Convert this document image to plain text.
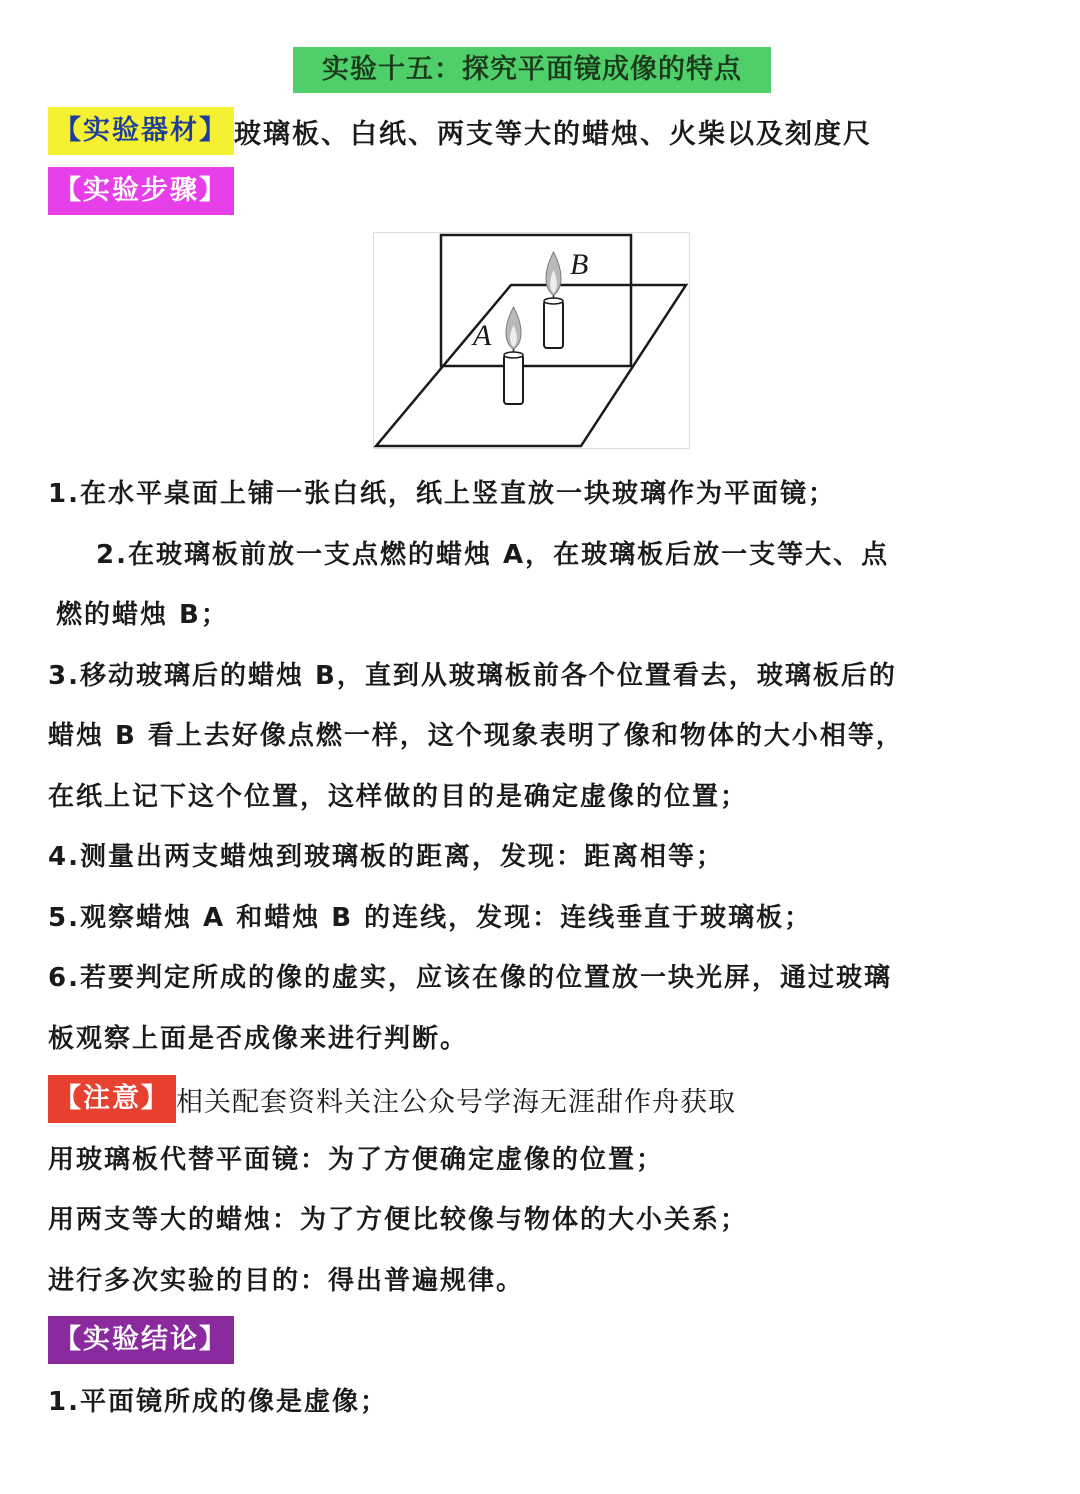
实验十五：探究平面镜成像的特点
【实验器材】 玻璃板、白纸、两支等大的蜡烛、火柴以及刻度尺
【实验步骤】
B
A
1.在水平桌面上铺一张白纸，纸上竖直放一块玻璃作为平面镜；
2.在玻璃板前放一支点燃的蜡烛 A，在玻璃板后放一支等大、点
燃的蜡烛 B；
3.移动玻璃后的蜡烛 B，直到从玻璃板前各个位置看去，玻璃板后的
蜡烛 B 看上去好像点燃一样，这个现象表明了像和物体的大小相等，
在纸上记下这个位置，这样做的目的是确定虚像的位置；
4.测量出两支蜡烛到玻璃板的距离，发现：距离相等；
5.观察蜡烛 A 和蜡烛 B 的连线，发现：连线垂直于玻璃板；
6.若要判定所成的像的虚实，应该在像的位置放一块光屏，通过玻璃
板观察上面是否成像来进行判断。
【注意】 相关配套资料关注公众号学海无涯甜作舟获取
用玻璃板代替平面镜：为了方便确定虚像的位置；
用两支等大的蜡烛：为了方便比较像与物体的大小关系；
进行多次实验的目的：得出普遍规律。
【实验结论】
1.平面镜所成的像是虚像；
